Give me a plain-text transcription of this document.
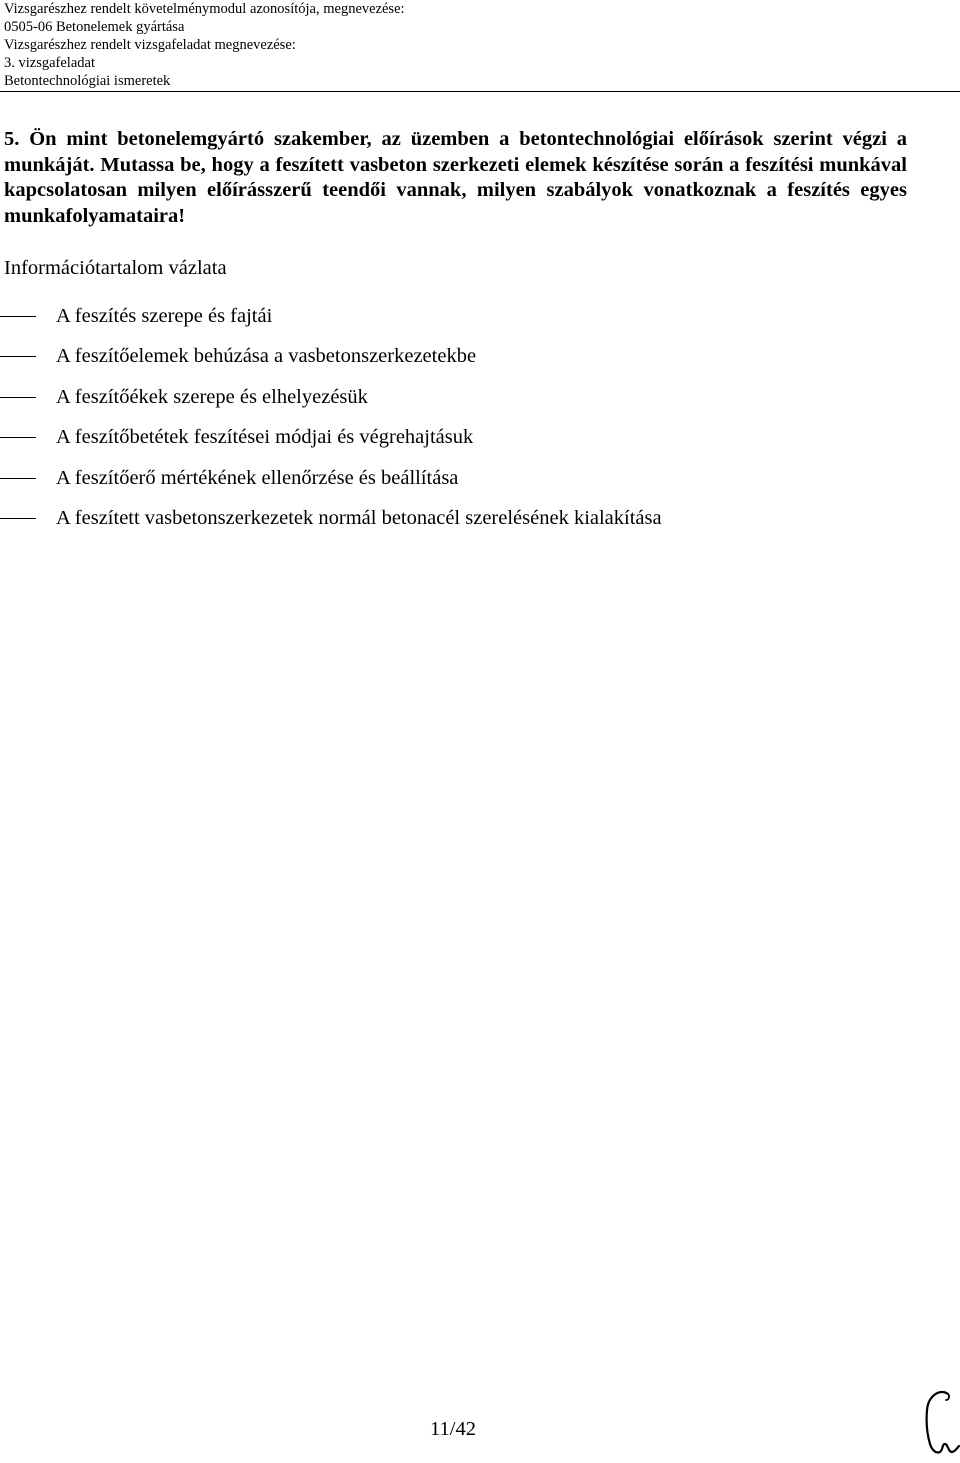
Vizsgarészhez rendelt követelménymodul azonosítója, megnevezése:

0505-06 Betonelemek gyártása

Vizsgarészhez rendelt vizsgafeladat megnevezése:

3. vizsgafeladat

Betontechnológiai ismeretek

5. Ön mint betonelemgyártó szakember, az üzemben a betontechnológiai előírások szerint végzi a munkáját. Mutassa be, hogy a feszített vasbeton szerkezeti elemek készítése során a feszítési munkával kapcsolatosan milyen előírásszerű teendői vannak, milyen szabályok vonatkoznak a feszítés egyes munkafolyamataira!

Információtartalom vázlata

A feszítés szerepe és fajtái
A feszítőelemek behúzása a vasbetonszerkezetekbe
A feszítőékek szerepe és elhelyezésük
A feszítőbetétek feszítései módjai és végrehajtásuk
A feszítőerő mértékének ellenőrzése és beállítása
A feszített vasbetonszerkezetek normál betonacél szerelésének kialakítása
11/42
